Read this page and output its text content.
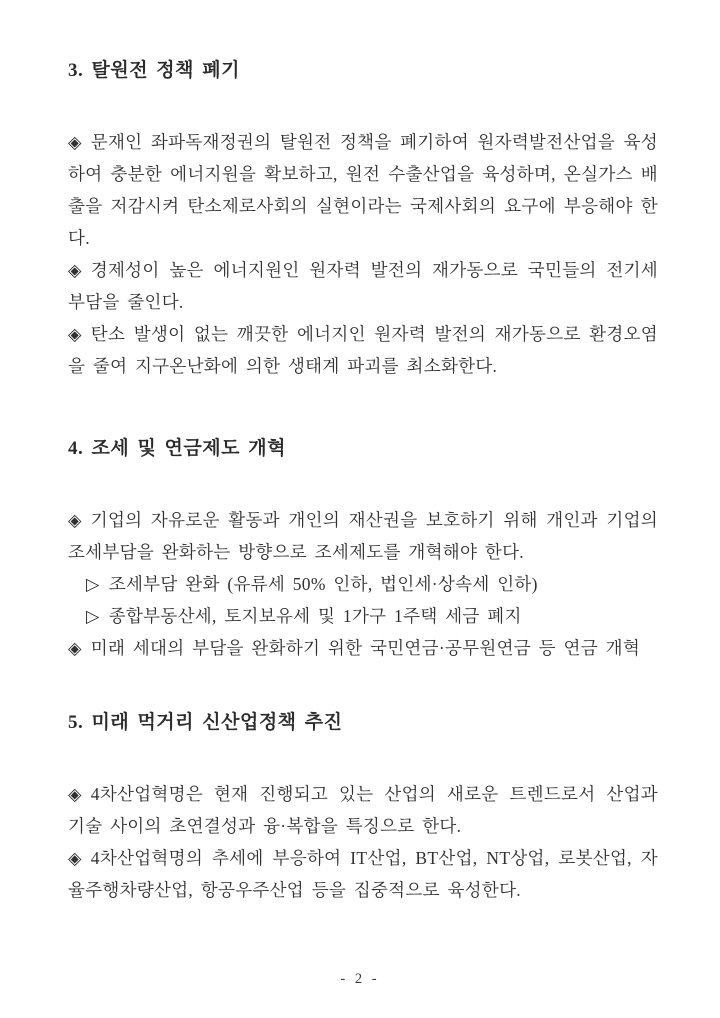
3. 탈원전 정책 폐기

◈ 문재인 좌파독재정권의 탈원전 정책을 폐기하여 원자력발전산업을 육성하여 충분한 에너지원을 확보하고, 원전 수출산업을 육성하며, 온실가스 배출을 저감시켜 탄소제로사회의 실현이라는 국제사회의 요구에 부응해야 한다.

◈ 경제성이 높은 에너지원인 원자력 발전의 재가동으로 국민들의 전기세 부담을 줄인다.

◈ 탄소 발생이 없는 깨끗한 에너지인 원자력 발전의 재가동으로 환경오염을 줄여 지구온난화에 의한 생태계 파괴를 최소화한다.

4. 조세 및 연금제도 개혁

◈ 기업의 자유로운 활동과 개인의 재산권을 보호하기 위해 개인과 기업의 조세부담을 완화하는 방향으로 조세제도를 개혁해야 한다.

▷ 조세부담 완화 (유류세 50% 인하, 법인세·상속세 인하)

▷ 종합부동산세, 토지보유세 및 1가구 1주택 세금 폐지

◈ 미래 세대의 부담을 완화하기 위한 국민연금·공무원연금 등 연금 개혁

5. 미래 먹거리 신산업정책 추진

◈ 4차산업혁명은 현재 진행되고 있는 산업의 새로운 트렌드로서 산업과 기술 사이의 초연결성과 융·복합을 특징으로 한다.

◈ 4차산업혁명의 추세에 부응하여 IT산업, BT산업, NT상업, 로봇산업, 자율주행차량산업, 항공우주산업 등을 집중적으로 육성한다.

- 2 -
